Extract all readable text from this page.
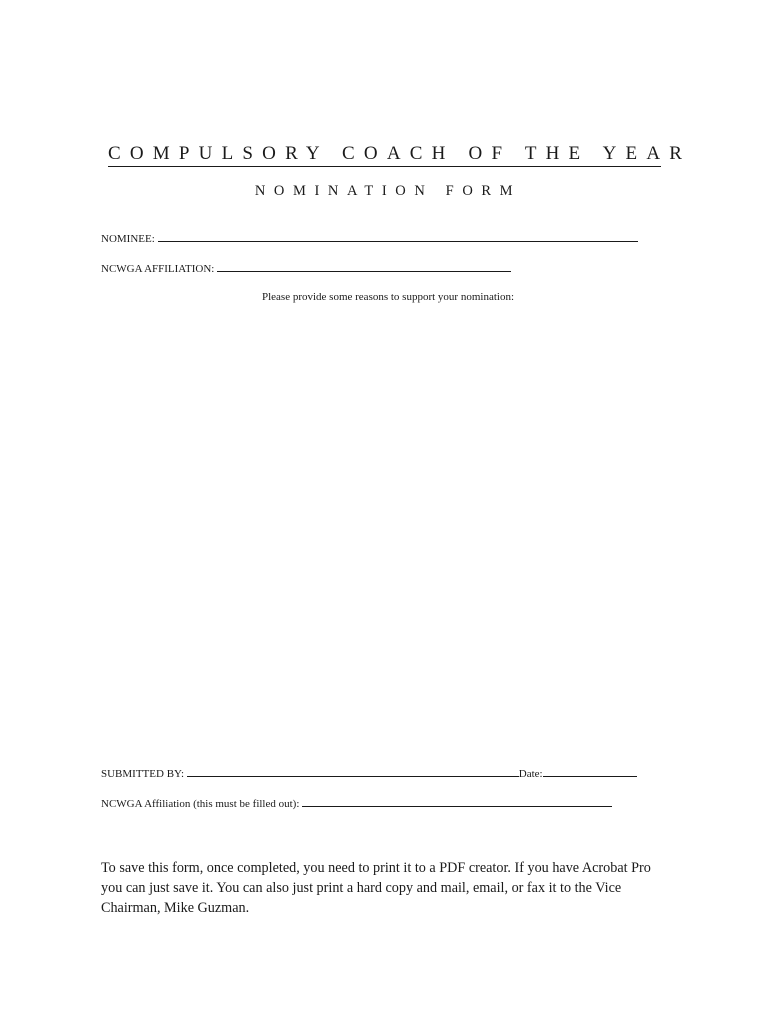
COMPULSORY COACH OF THE YEAR
NOMINATION FORM
NOMINEE:
NCWGA AFFILIATION:
Please provide some reasons to support your nomination:
SUBMITTED BY:	Date:
NCWGA Affiliation (this must be filled out):
To save this form, once completed, you need to print it to a PDF creator. If you have Acrobat Pro you can just save it. You can also just print a hard copy and mail, email, or fax it to the Vice Chairman, Mike Guzman.
